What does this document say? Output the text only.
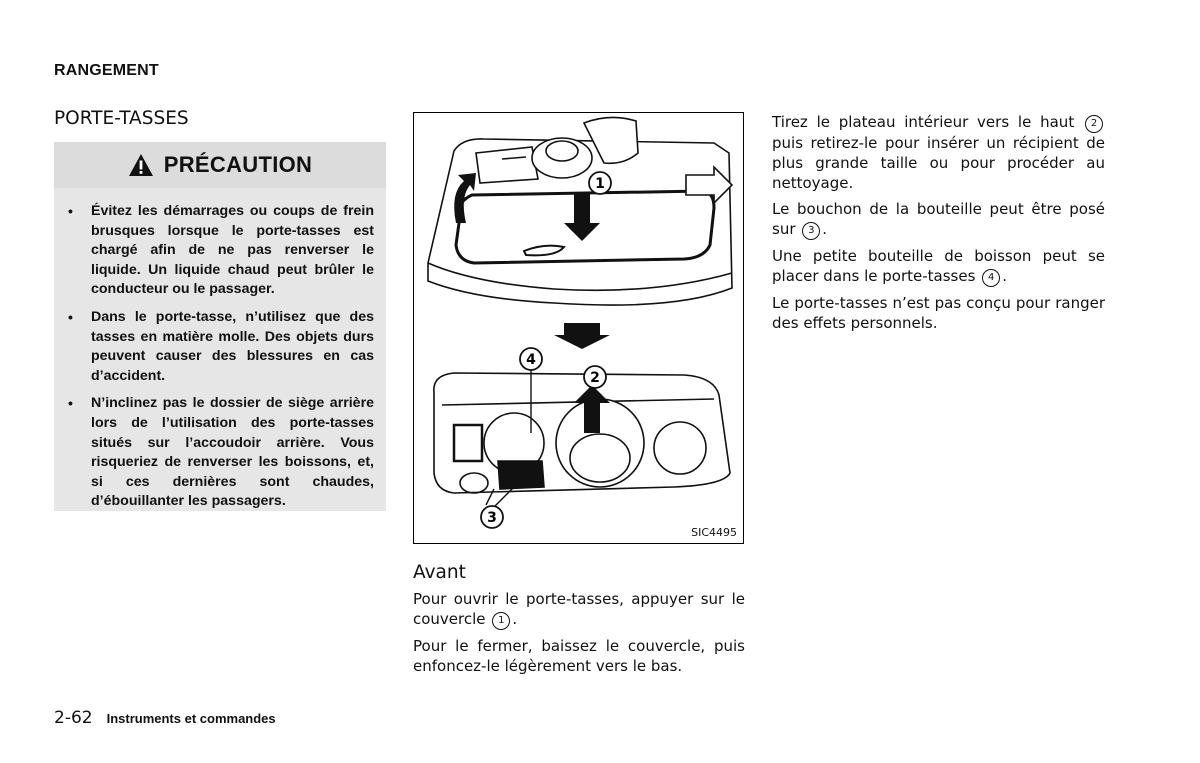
RANGEMENT
PORTE-TASSES
PRÉCAUTION
• Évitez les démarrages ou coups de frein brusques lorsque le porte-tasses est chargé afin de ne pas renverser le liquide. Un liquide chaud peut brûler le conducteur ou le passager.
• Dans le porte-tasse, n’utilisez que des tasses en matière molle. Des objets durs peuvent causer des blessures en cas d’accident.
• N’inclinez pas le dossier de siège arrière lors de l’utilisation des porte-tasses situés sur l’accoudoir arrière. Vous risqueriez de renverser les boissons, et, si ces dernières sont chaudes, d’ébouillanter les passagers.
1
2
3
4
SIC4495
Avant

Pour ouvrir le porte-tasses, appuyer sur le couvercle 1 .

Pour le fermer, baissez le couvercle, puis enfoncez-le légèrement vers le bas.

Tirez le plateau intérieur vers le haut 2 puis retirez-le pour insérer un récipient de plus grande taille ou pour procéder au nettoyage.

Le bouchon de la bouteille peut être posé sur 3 .

Une petite bouteille de boisson peut se placer dans le porte-tasses 4 .

Le porte-tasses n’est pas conçu pour ranger des effets personnels.

2-62 Instruments et commandes
